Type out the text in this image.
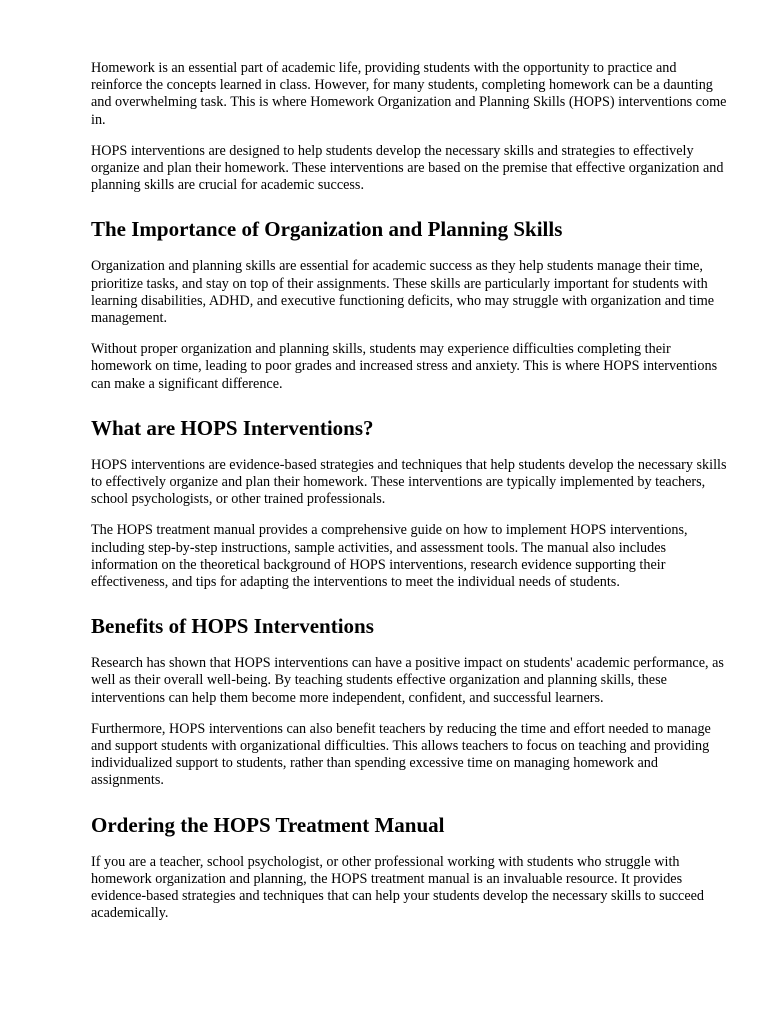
Homework is an essential part of academic life, providing students with the opportunity to practice and reinforce the concepts learned in class. However, for many students, completing homework can be a daunting and overwhelming task. This is where Homework Organization and Planning Skills (HOPS) interventions come in.

HOPS interventions are designed to help students develop the necessary skills and strategies to effectively organize and plan their homework. These interventions are based on the premise that effective organization and planning skills are crucial for academic success.

The Importance of Organization and Planning Skills

Organization and planning skills are essential for academic success as they help students manage their time, prioritize tasks, and stay on top of their assignments. These skills are particularly important for students with learning disabilities, ADHD, and executive functioning deficits, who may struggle with organization and time management.

Without proper organization and planning skills, students may experience difficulties completing their homework on time, leading to poor grades and increased stress and anxiety. This is where HOPS interventions can make a significant difference.

What are HOPS Interventions?

HOPS interventions are evidence-based strategies and techniques that help students develop the necessary skills to effectively organize and plan their homework. These interventions are typically implemented by teachers, school psychologists, or other trained professionals.

The HOPS treatment manual provides a comprehensive guide on how to implement HOPS interventions, including step-by-step instructions, sample activities, and assessment tools. The manual also includes information on the theoretical background of HOPS interventions, research evidence supporting their effectiveness, and tips for adapting the interventions to meet the individual needs of students.

Benefits of HOPS Interventions

Research has shown that HOPS interventions can have a positive impact on students' academic performance, as well as their overall well-being. By teaching students effective organization and planning skills, these interventions can help them become more independent, confident, and successful learners.

Furthermore, HOPS interventions can also benefit teachers by reducing the time and effort needed to manage and support students with organizational difficulties. This allows teachers to focus on teaching and providing individualized support to students, rather than spending excessive time on managing homework and assignments.

Ordering the HOPS Treatment Manual

If you are a teacher, school psychologist, or other professional working with students who struggle with homework organization and planning, the HOPS treatment manual is an invaluable resource. It provides evidence-based strategies and techniques that can help your students develop the necessary skills to succeed academically.
